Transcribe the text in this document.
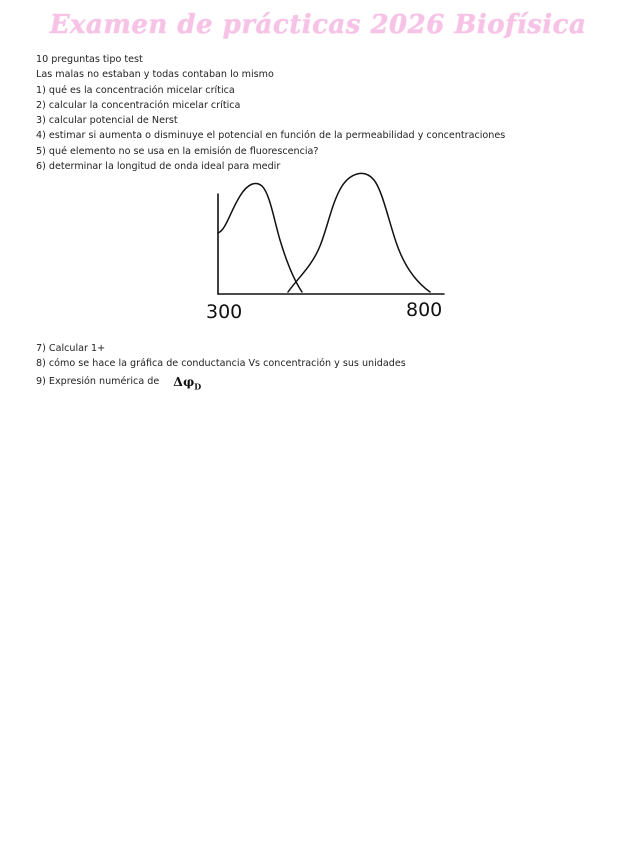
Examen de prácticas 2026 Biofísica
10 preguntas tipo test
Las malas no estaban y todas contaban lo mismo
1) qué es la concentración micelar crítica
2) calcular la concentración micelar crítica
3) calcular potencial de Nerst
4) estimar si aumenta o disminuye el potencial en función de la permeabilidad y concentraciones
5) qué elemento no se usa en la emisión de fluorescencia?
6) determinar la longitud de onda ideal para medir
300	800
7) Calcular 1+
8) cómo se hace la gráfica de conductancia Vs concentración y sus unidades
9) Expresión numérica de $\Delta\varphi_D$
